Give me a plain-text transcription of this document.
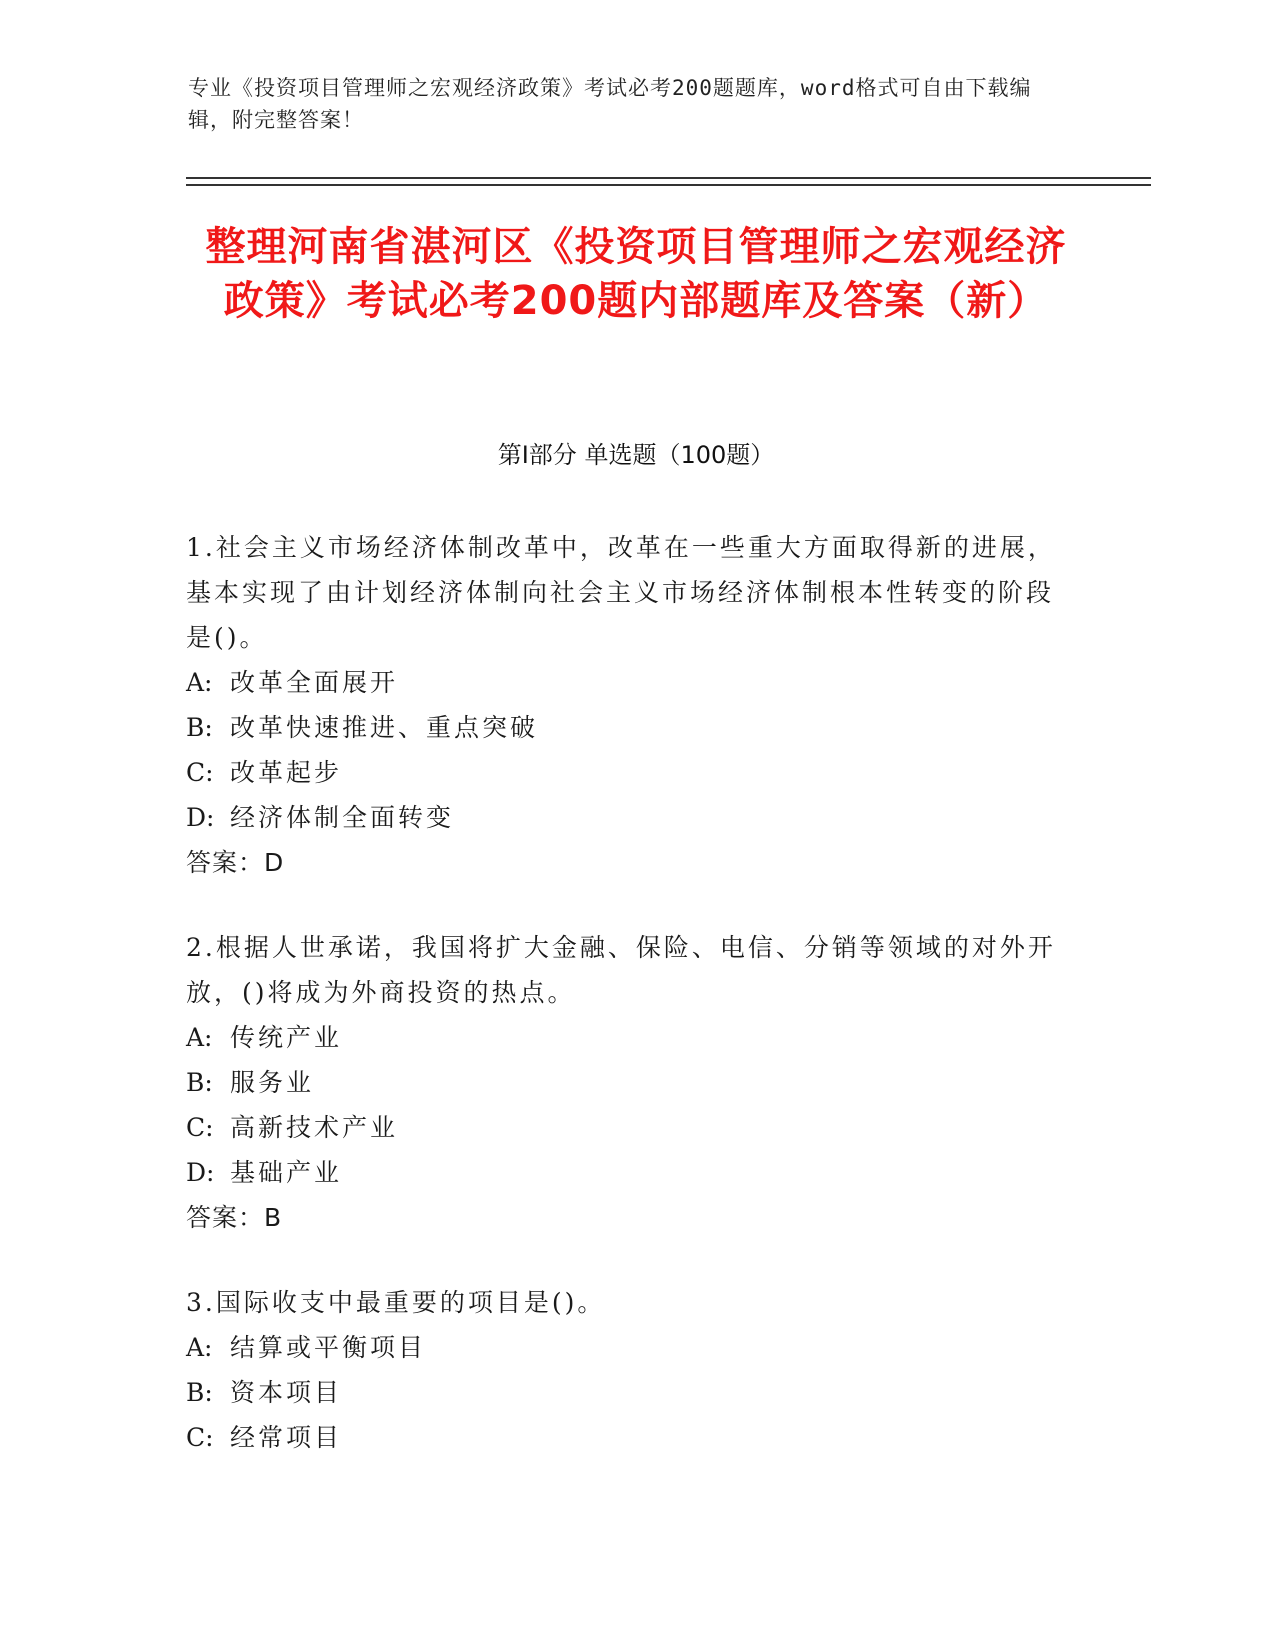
专业《投资项目管理师之宏观经济政策》考试必考200题题库，word格式可自由下载编辑，附完整答案！
整理河南省湛河区《投资项目管理师之宏观经济政策》考试必考200题内部题库及答案（新）
第Ⅰ部分 单选题（100题）

1.社会主义市场经济体制改革中，改革在一些重大方面取得新的进展，基本实现了由计划经济体制向社会主义市场经济体制根本性转变的阶段是()。

A: 改革全面展开

B: 改革快速推进、重点突破

C: 改革起步

D: 经济体制全面转变

答案：D

2.根据人世承诺，我国将扩大金融、保险、电信、分销等领域的对外开放，()将成为外商投资的热点。

A: 传统产业

B: 服务业

C: 高新技术产业

D: 基础产业

答案：B

3.国际收支中最重要的项目是()。

A: 结算或平衡项目

B: 资本项目

C: 经常项目
